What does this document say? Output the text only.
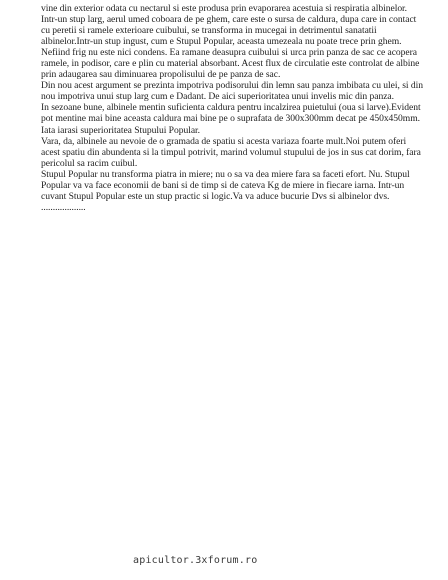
vine din exterior odata cu nectarul si este produsa prin evaporarea acestuia si respiratia albinelor. Intr-un stup larg, aerul umed coboara de pe ghem, care este o sursa de caldura, dupa care in contact cu peretii si ramele exterioare cuibului, se transforma in mucegai in detrimentul sanatatii albinelor.Intr-un stup ingust, cum e Stupul Popular, aceasta umezeala nu poate trece prin ghem.

Nefiind frig nu este nici condens. Ea ramane deasupra cuibului si urca prin panza de sac ce acopera ramele, in podisor, care e plin cu material absorbant. Acest flux de circulatie este controlat de albine prin adaugarea sau diminuarea propolisului de pe panza de sac.

Din nou acest argument se prezinta impotriva podisorului din lemn sau panza imbibata cu ulei, si din nou impotriva unui stup larg cum e Dadant. De aici superioritatea unui invelis mic din panza.

In sezoane bune, albinele mentin suficienta caldura pentru incalzirea puietului (oua si larve).Evident pot mentine mai bine aceasta caldura mai bine pe o suprafata de 300x300mm decat pe 450x450mm.

Iata iarasi superioritatea Stupului Popular.

Vara, da, albinele au nevoie de o gramada de spatiu si acesta variaza foarte mult.Noi putem oferi acest spatiu din abundenta si la timpul potrivit, marind volumul stupului de jos in sus cat dorim, fara pericolul sa racim cuibul.

Stupul Popular nu transforma piatra in miere; nu o sa va dea miere fara sa faceti efort. Nu. Stupul Popular va va face economii de bani si de timp si de cateva Kg de miere in fiecare iarna. Intr-un cuvant Stupul Popular este un stup practic si logic.Va va aduce bucurie Dvs si albinelor dvs.

...................

apicultor.3xforum.ro
